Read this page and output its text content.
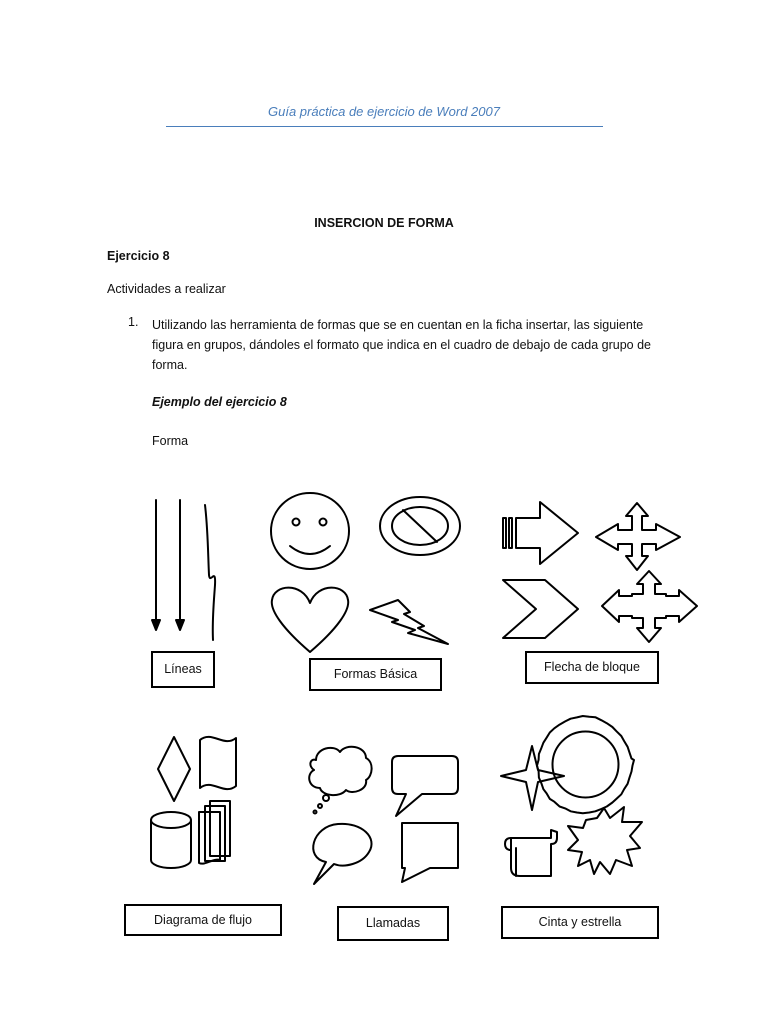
Guía práctica de ejercicio de Word 2007
INSERCION DE FORMA
Ejercicio 8
Actividades a realizar
1. Utilizando las herramienta de formas que se en cuentan en la ficha insertar, las siguiente figura en grupos, dándoles el formato que indica en el cuadro de debajo de cada grupo de forma.
Ejemplo del ejercicio 8
Forma
Líneas	Formas Básica	Flecha de bloque
Diagrama de flujo	Llamadas	Cinta y estrella
